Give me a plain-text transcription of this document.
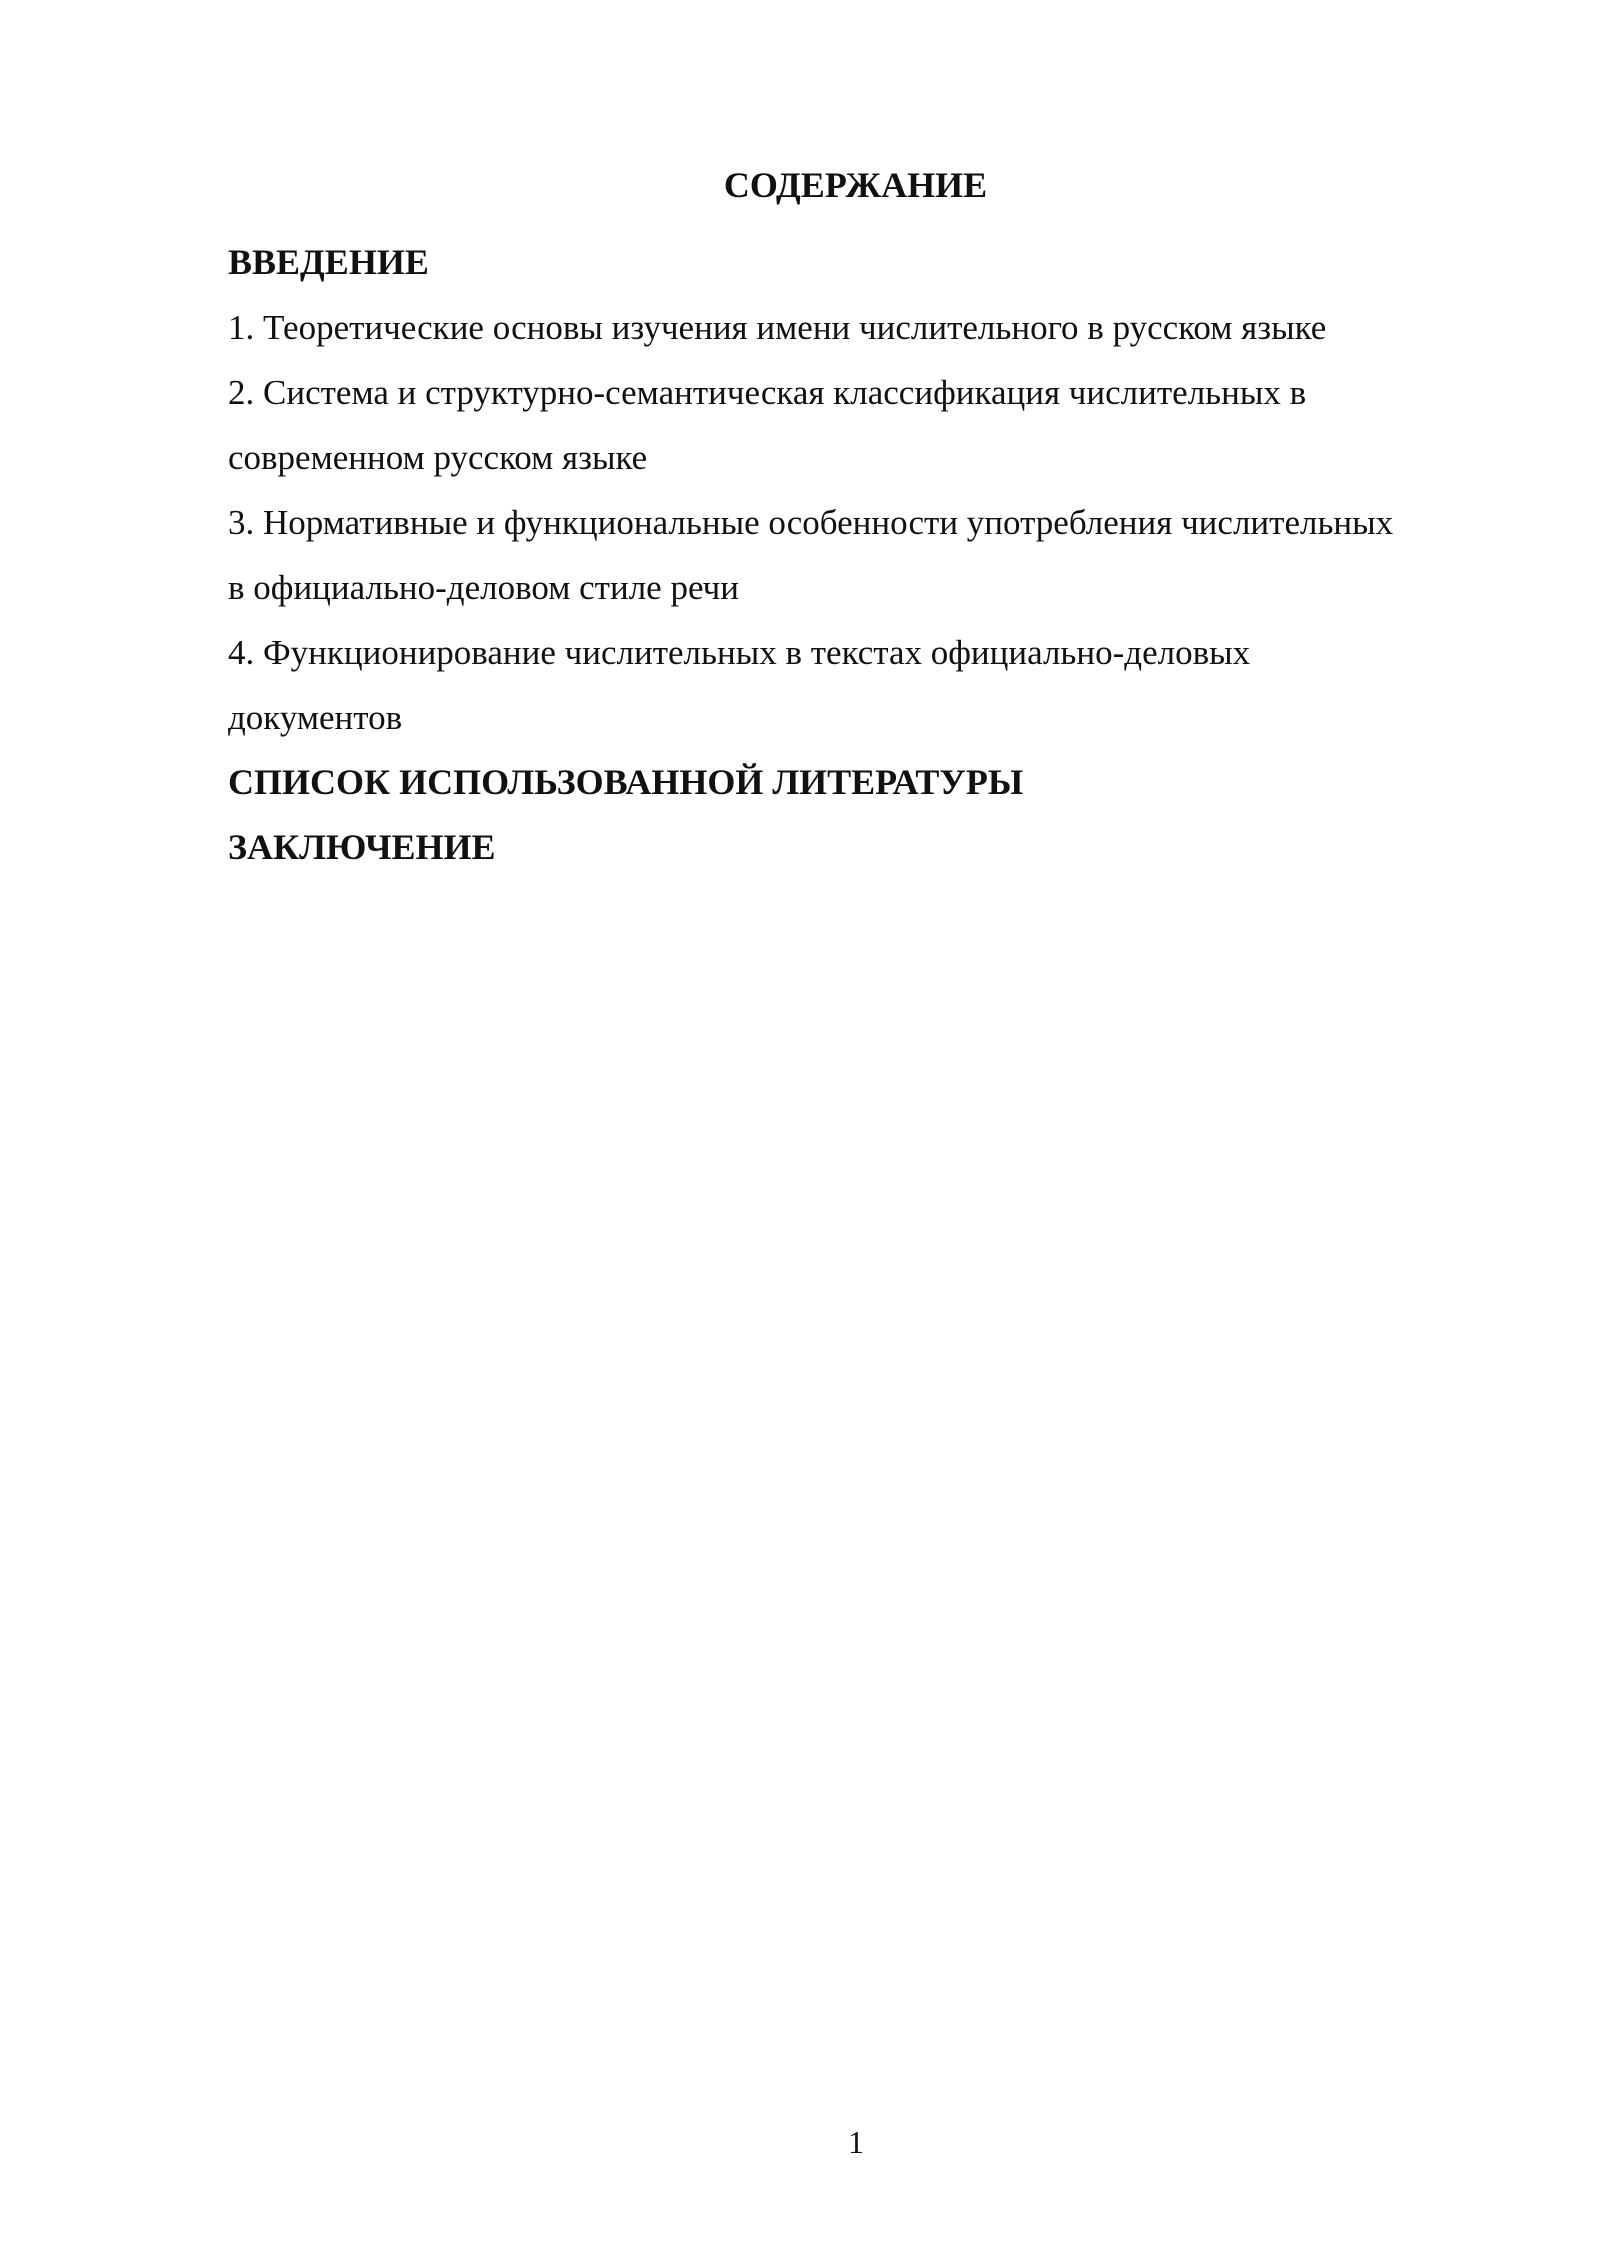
СОДЕРЖАНИЕ

ВВЕДЕНИЕ

1. Теоретические основы изучения имени числительного в русском языке

2. Система и структурно-семантическая классификация числительных в

современном русском языке

3. Нормативные и функциональные особенности употребления числительных

в официально-деловом стиле речи

4. Функционирование числительных в текстах официально-деловых

документов

СПИСОК ИСПОЛЬЗОВАННОЙ ЛИТЕРАТУРЫ

ЗАКЛЮЧЕНИЕ

1
